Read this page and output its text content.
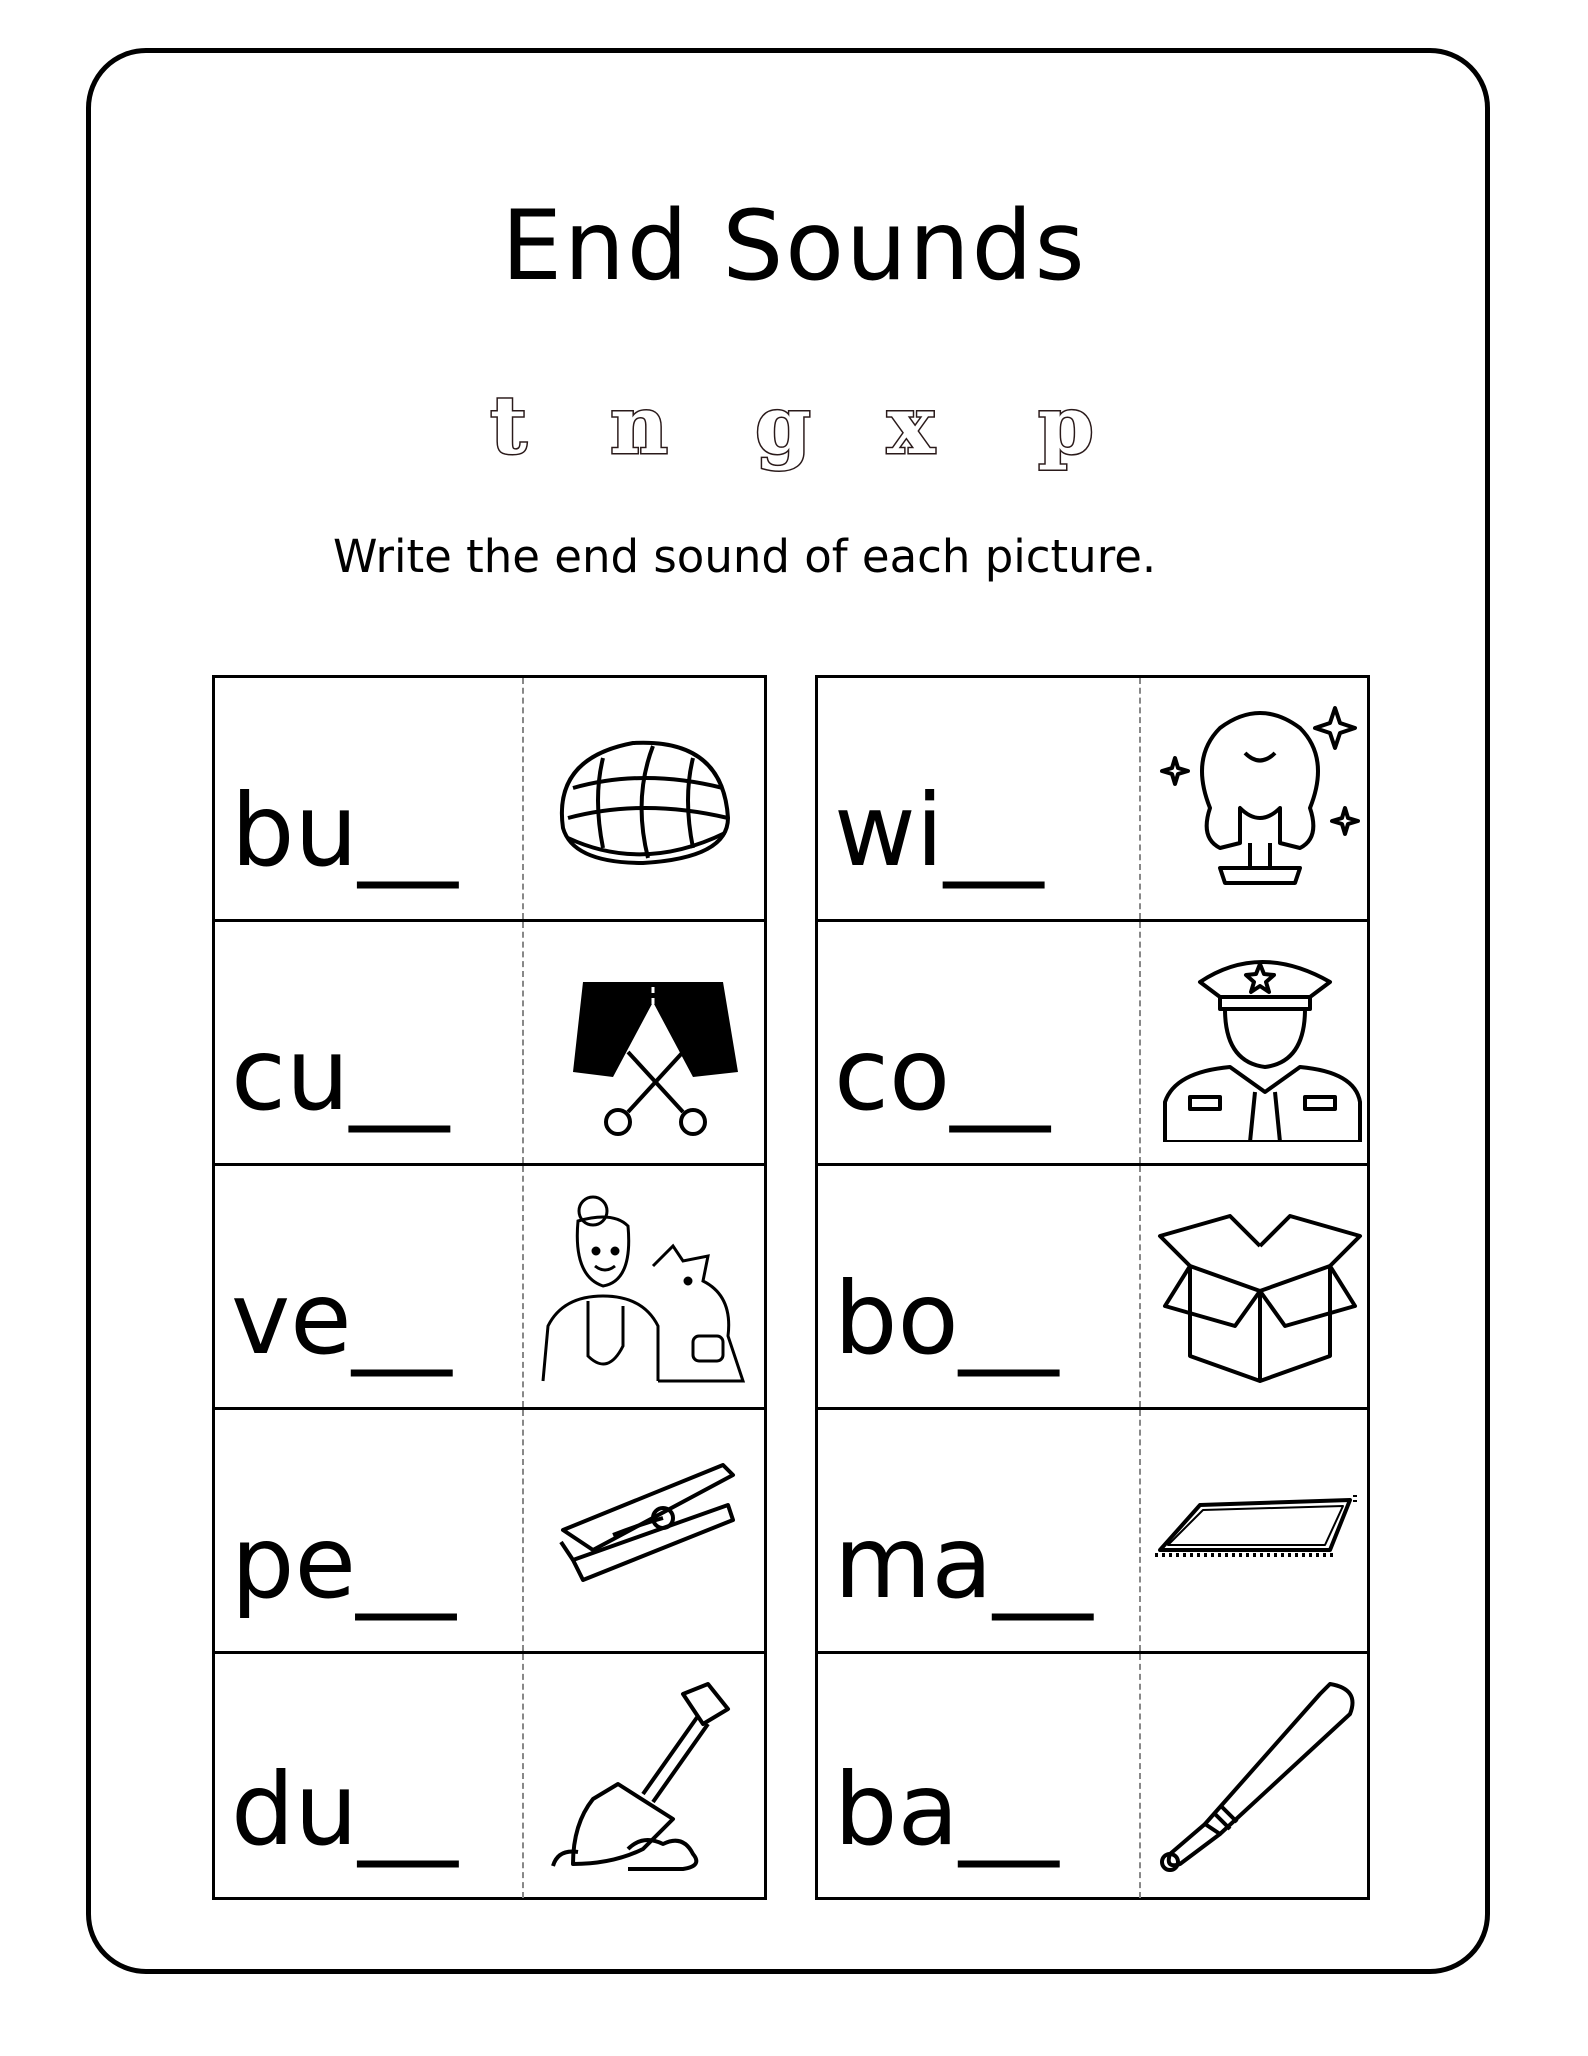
End Sounds
t n g x p

Write the end sound of each picture.

bu__
cu__
ve__
pe__
du__
wi__
co__
bo__
ma__
ba__
